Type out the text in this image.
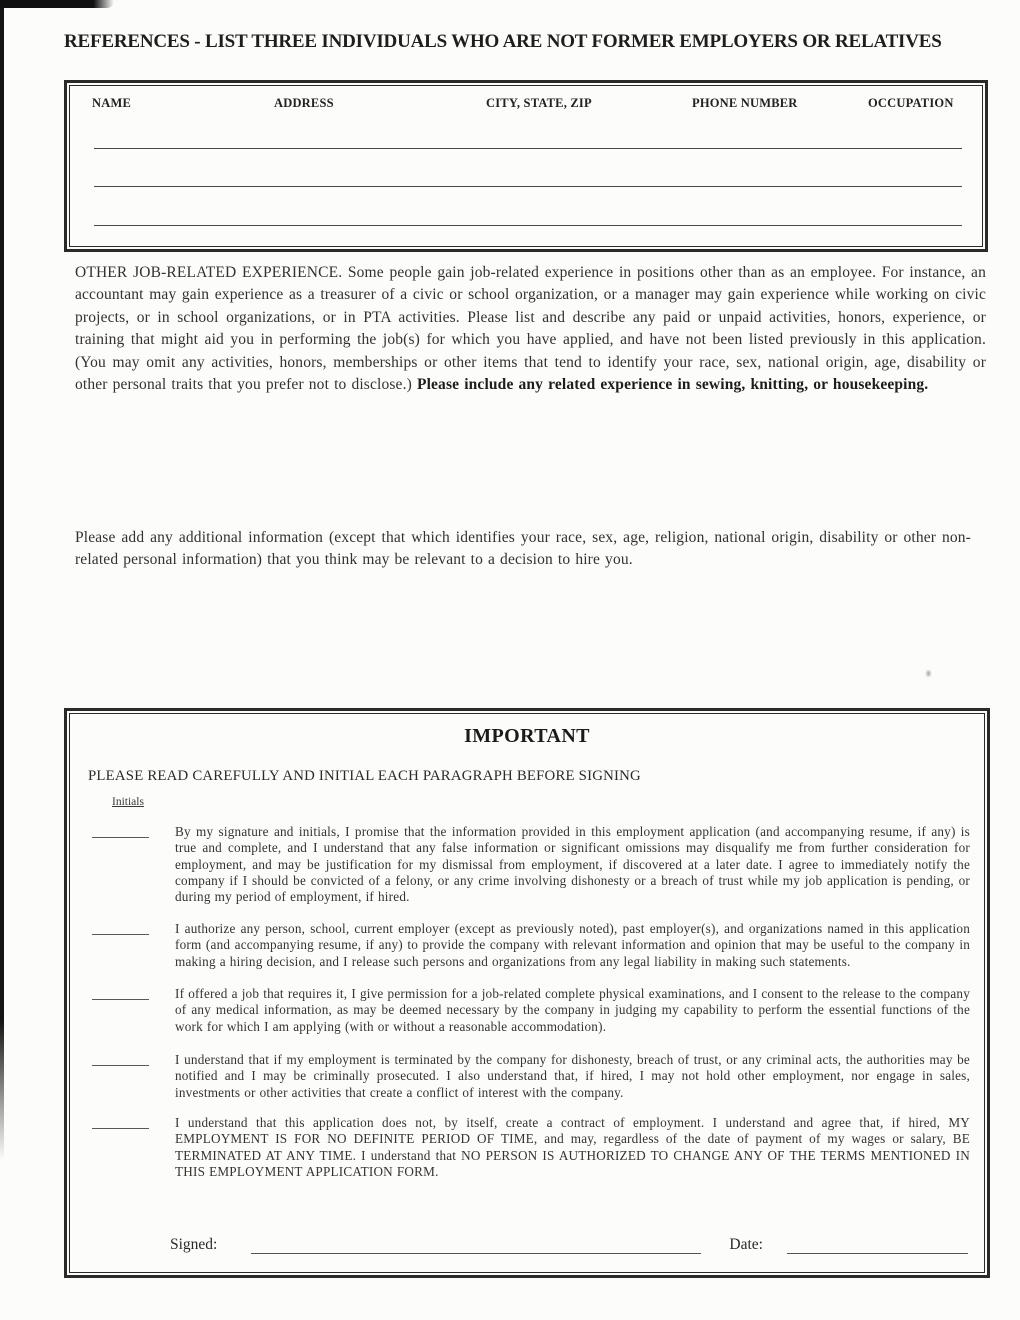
REFERENCES - LIST THREE INDIVIDUALS WHO ARE NOT FORMER EMPLOYERS OR RELATIVES
NAME	ADDRESS	CITY, STATE, ZIP	PHONE NUMBER	OCCUPATION

OTHER JOB-RELATED EXPERIENCE. Some people gain job-related experience in positions other than as an employee. For instance, an accountant may gain experience as a treasurer of a civic or school organization, or a manager may gain experience while working on civic projects, or in school organizations, or in PTA activities. Please list and describe any paid or unpaid activities, honors, experience, or training that might aid you in performing the job(s) for which you have applied, and have not been listed previously in this application. (You may omit any activities, honors, memberships or other items that tend to identify your race, sex, national origin, age, disability or other personal traits that you prefer not to disclose.) Please include any related experience in sewing, knitting, or housekeeping.

Please add any additional information (except that which identifies your race, sex, age, religion, national origin, disability or other non-related personal information) that you think may be relevant to a decision to hire you.

IMPORTANT
PLEASE READ CAREFULLY AND INITIAL EACH PARAGRAPH BEFORE SIGNING
Initials

By my signature and initials, I promise that the information provided in this employment application (and accompanying resume, if any) is true and complete, and I understand that any false information or significant omissions may disqualify me from further consideration for employment, and may be justification for my dismissal from employment, if discovered at a later date. I agree to immediately notify the company if I should be convicted of a felony, or any crime involving dishonesty or a breach of trust while my job application is pending, or during my period of employment, if hired.

I authorize any person, school, current employer (except as previously noted), past employer(s), and organizations named in this application form (and accompanying resume, if any) to provide the company with relevant information and opinion that may be useful to the company in making a hiring decision, and I release such persons and organizations from any legal liability in making such statements.

If offered a job that requires it, I give permission for a job-related complete physical examinations, and I consent to the release to the company of any medical information, as may be deemed necessary by the company in judging my capability to perform the essential functions of the work for which I am applying (with or without a reasonable accommodation).

I understand that if my employment is terminated by the company for dishonesty, breach of trust, or any criminal acts, the authorities may be notified and I may be criminally prosecuted. I also understand that, if hired, I may not hold other employment, nor engage in sales, investments or other activities that create a conflict of interest with the company.

I understand that this application does not, by itself, create a contract of employment. I understand and agree that, if hired, MY EMPLOYMENT IS FOR NO DEFINITE PERIOD OF TIME, and may, regardless of the date of payment of my wages or salary, BE TERMINATED AT ANY TIME. I understand that NO PERSON IS AUTHORIZED TO CHANGE ANY OF THE TERMS MENTIONED IN THIS EMPLOYMENT APPLICATION FORM.

Signed:	Date:
